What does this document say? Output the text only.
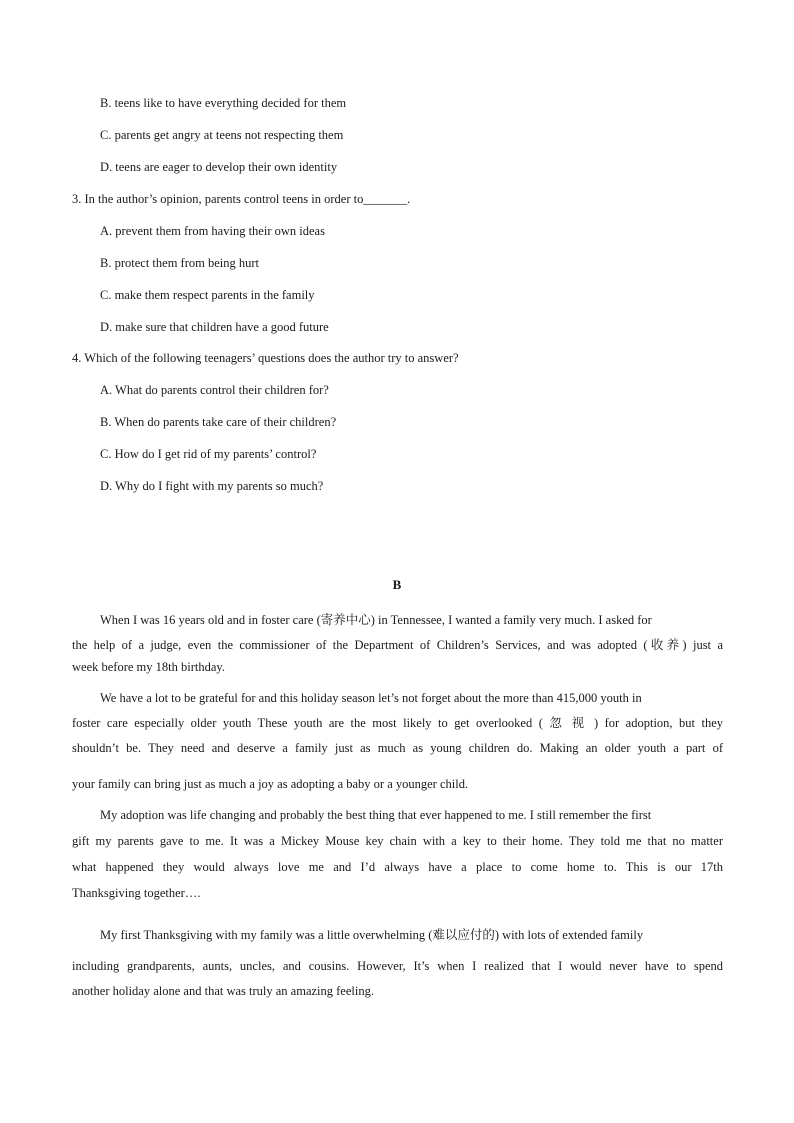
B. teens like to have everything decided for them
C. parents get angry at teens not respecting them
D. teens are eager to develop their own identity
3. In the author’s opinion, parents control teens in order to_______.
A. prevent them from having their own ideas
B. protect them from being hurt
C. make them respect parents in the family
D. make sure that children have a good future
4. Which of the following teenagers’ questions does the author try to answer?
A. What do parents control their children for?
B. When do parents take care of their children?
C. How do I get rid of my parents’ control?
D. Why do I fight with my parents so much?
B
When I was 16 years old and in foster care (寄养中心) in Tennessee, I wanted a family very much. I asked for
the help of a judge, even the commissioner of the Department of Children’s Services, and was adopted (收养) just a
week before my 18th birthday.
We have a lot to be grateful for and this holiday season let’s not forget about the more than 415,000 youth in
foster care especially older youth These youth are the most likely to get overlooked ( 忽 视 ) for adoption, but they
shouldn’t be. They need and deserve a family just as much as young children do. Making an older youth a part of
your family can bring just as much a joy as adopting a baby or a younger child.
My adoption was life changing and probably the best thing that ever happened to me. I still remember the first
gift my parents gave to me. It was a Mickey Mouse key chain with a key to their home. They told me that no matter
what happened they would always love me and I’d always have a place to come home to. This is our 17th
Thanksgiving together….
My first Thanksgiving with my family was a little overwhelming (难以应付的) with lots of extended family
including grandparents, aunts, uncles, and cousins. However, It’s when I realized that I would never have to spend
another holiday alone and that was truly an amazing feeling.
